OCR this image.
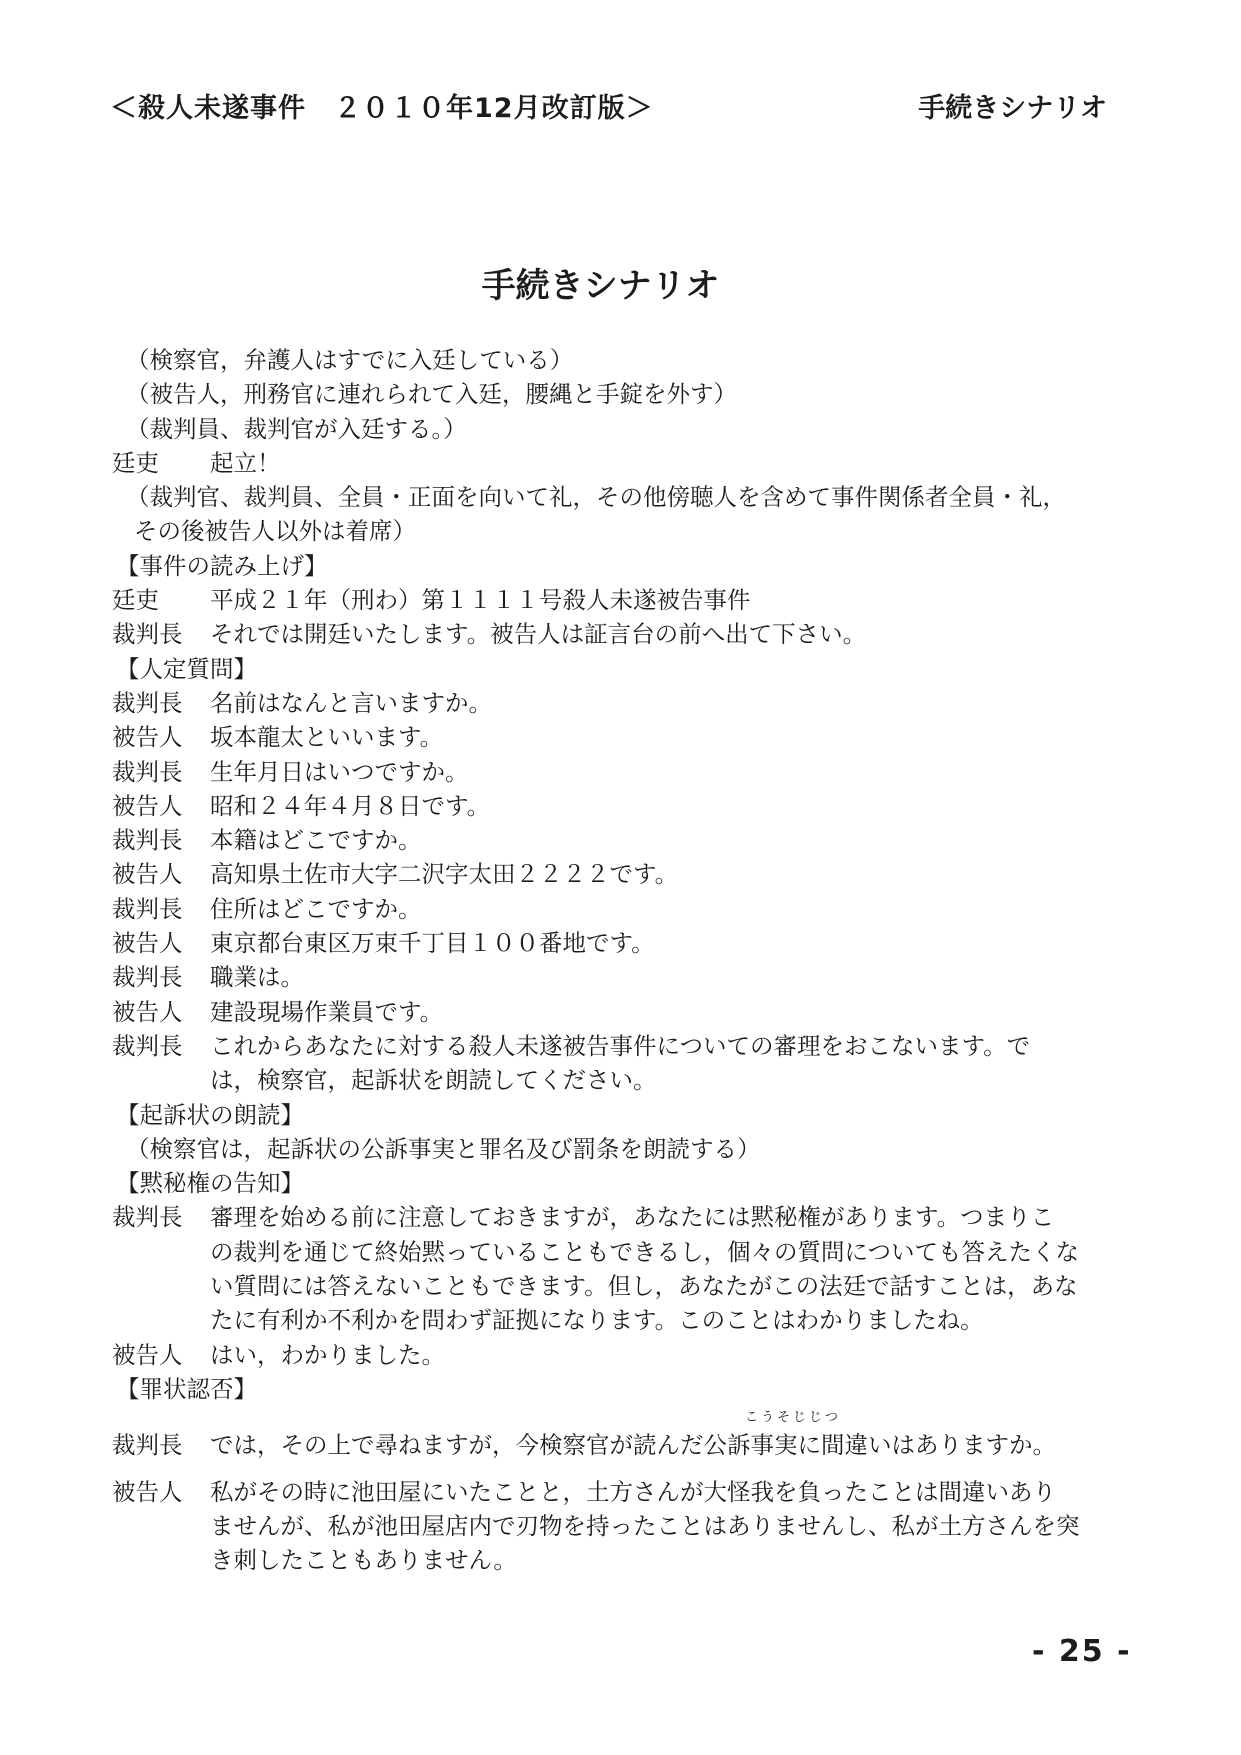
＜殺人未遂事件　２０１０年12月改訂版＞	手続きシナリオ
手続きシナリオ
（検察官，弁護人はすでに入廷している）
（被告人，刑務官に連れられて入廷，腰縄と手錠を外す）
（裁判員、裁判官が入廷する。）
廷吏	起立！
（裁判官、裁判員、全員・正面を向いて礼，その他傍聴人を含めて事件関係者全員・礼，
その後被告人以外は着席）
【事件の読み上げ】
廷吏	平成２１年（刑わ）第１１１１号殺人未遂被告事件
裁判長	それでは開廷いたします。被告人は証言台の前へ出て下さい。
【人定質問】
裁判長	名前はなんと言いますか。
被告人	坂本龍太といいます。
裁判長	生年月日はいつですか。
被告人	昭和２４年４月８日です。
裁判長	本籍はどこですか。
被告人	高知県土佐市大字二沢字太田２２２２です。
裁判長	住所はどこですか。
被告人	東京都台東区万束千丁目１００番地です。
裁判長	職業は。
被告人	建設現場作業員です。
裁判長	これからあなたに対する殺人未遂被告事件についての審理をおこないます。で
は，検察官，起訴状を朗読してください。
【起訴状の朗読】
（検察官は，起訴状の公訴事実と罪名及び罰条を朗読する）
【黙秘権の告知】
裁判長	審理を始める前に注意しておきますが，あなたには黙秘権があります。つまりこ
の裁判を通じて終始黙っていることもできるし，個々の質問についても答えたくな
い質問には答えないこともできます。但し，あなたがこの法廷で話すことは，あな
たに有利か不利かを問わず証拠になります。このことはわかりましたね。
被告人	はい，わかりました。
【罪状認否】
こうそじじつ
裁判長	では，その上で尋ねますが，今検察官が読んだ公訴事実に間違いはありますか。
被告人	私がその時に池田屋にいたことと，土方さんが大怪我を負ったことは間違いあり
ませんが、私が池田屋店内で刃物を持ったことはありませんし、私が土方さんを突
き刺したこともありません。
- 25 -
